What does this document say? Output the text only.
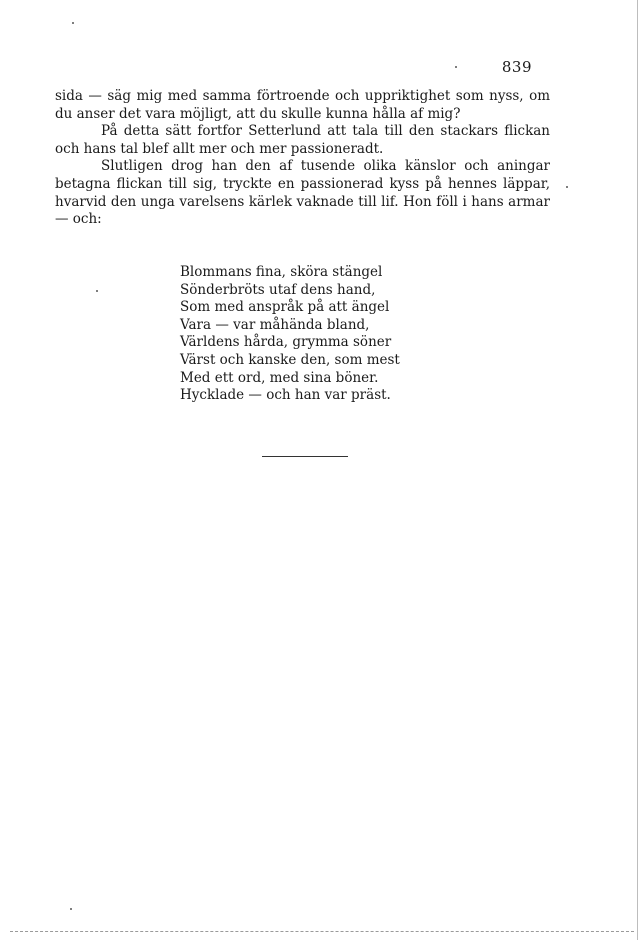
839

sida — säg mig med samma förtroende och uppriktighet som nyss, om du anser det vara möjligt, att du skulle kunna hålla af mig?

På detta sätt fortfor Setterlund att tala till den stackars flickan och hans tal blef allt mer och mer passioneradt.

Slutligen drog han den af tusende olika känslor och aningar betagna flickan till sig, tryckte en passionerad kyss på hennes läppar, hvarvid den unga varelsens kärlek vaknade till lif. Hon föll i hans armar — och:

Blommans fina, sköra stängel
Sönderbröts utaf dens hand,
Som med anspråk på att ängel
Vara — var måhända bland,
Världens hårda, grymma söner
Värst och kanske den, som mest
Med ett ord, med sina böner.
Hycklade — och han var präst.
